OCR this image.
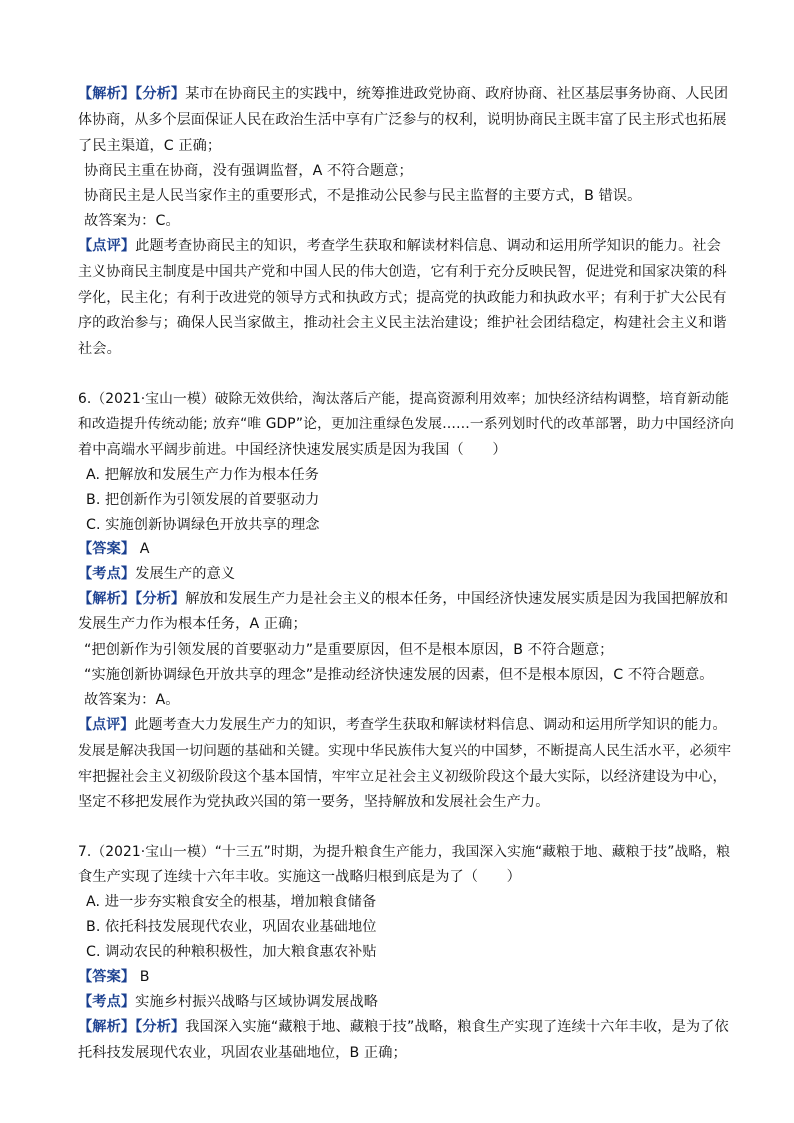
【解析】【分析】某市在协商民主的实践中，统筹推进政党协商、政府协商、社区基层事务协商、人民团
体协商，从多个层面保证人民在政治生活中享有广泛参与的权利，说明协商民主既丰富了民主形式也拓展
了民主渠道，C 正确；
协商民主重在协商，没有强调监督，A 不符合题意；
协商民主是人民当家作主的重要形式，不是推动公民参与民主监督的主要方式，B 错误。
故答案为：C。
【点评】此题考查协商民主的知识，考查学生获取和解读材料信息、调动和运用所学知识的能力。社会
主义协商民主制度是中国共产党和中国人民的伟大创造，它有利于充分反映民智，促进党和国家决策的科
学化，民主化；有利于改进党的领导方式和执政方式；提高党的执政能力和执政水平；有利于扩大公民有
序的政治参与；确保人民当家做主，推动社会主义民主法治建设；维护社会团结稳定，构建社会主义和谐
社会。
6.（2021·宝山一模）破除无效供给，淘汰落后产能，提高资源利用效率；加快经济结构调整，培育新动能
和改造提升传统动能; 放弃“唯 GDP”论，更加注重绿色发展……一系列划时代的改革部署，助力中国经济向
着中高端水平阔步前进。中国经济快速发展实质是因为我国（　　）
A. 把解放和发展生产力作为根本任务
B. 把创新作为引领发展的首要驱动力
C. 实施创新协调绿色开放共享的理念
【答案】 A
【考点】发展生产的意义
【解析】【分析】解放和发展生产力是社会主义的根本任务，中国经济快速发展实质是因为我国把解放和
发展生产力作为根本任务，A 正确；
“把创新作为引领发展的首要驱动力”是重要原因，但不是根本原因，B 不符合题意；
“实施创新协调绿色开放共享的理念”是推动经济快速发展的因素，但不是根本原因，C 不符合题意。
故答案为：A。
【点评】此题考查大力发展生产力的知识，考查学生获取和解读材料信息、调动和运用所学知识的能力。
发展是解决我国一切问题的基础和关键。实现中华民族伟大复兴的中国梦，不断提高人民生活水平，必须牢
牢把握社会主义初级阶段这个基本国情，牢牢立足社会主义初级阶段这个最大实际，以经济建设为中心，
坚定不移把发展作为党执政兴国的第一要务，坚持解放和发展社会生产力。
7.（2021·宝山一模）“十三五”时期，为提升粮食生产能力，我国深入实施“藏粮于地、藏粮于技”战略，粮
食生产实现了连续十六年丰收。实施这一战略归根到底是为了（　　）
A. 进一步夯实粮食安全的根基，增加粮食储备
B. 依托科技发展现代农业，巩固农业基础地位
C. 调动农民的种粮积极性，加大粮食惠农补贴
【答案】 B
【考点】实施乡村振兴战略与区域协调发展战略
【解析】【分析】我国深入实施“藏粮于地、藏粮于技”战略，粮食生产实现了连续十六年丰收，是为了依
托科技发展现代农业，巩固农业基础地位，B 正确；
